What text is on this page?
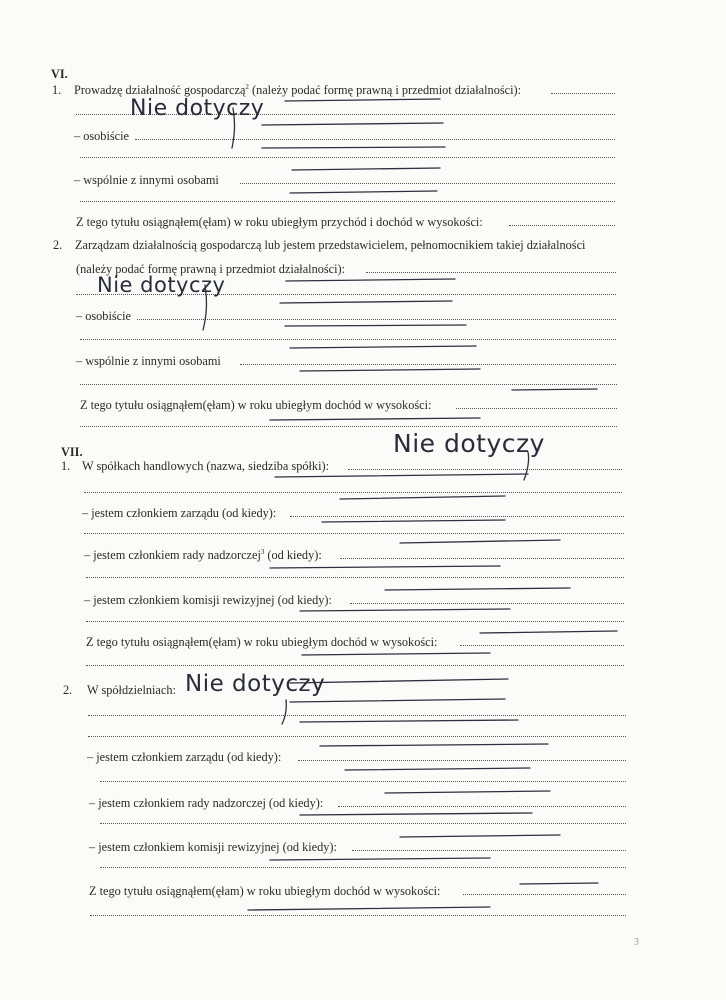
VI.
1. Prowadzę działalność gospodarczą$^2$ (należy podać formę prawną i przedmiot działalności):
– osobiście
– wspólnie z innymi osobami
Z tego tytułu osiągnąłem(ęłam) w roku ubiegłym przychód i dochód w wysokości:
2. Zarządzam działalnością gospodarczą lub jestem przedstawicielem, pełnomocnikiem takiej działalności
(należy podać formę prawną i przedmiot działalności):
– osobiście
– wspólnie z innymi osobami
Z tego tytułu osiągnąłem(ęłam) w roku ubiegłym dochód w wysokości:
VII.
1. W spółkach handlowych (nazwa, siedziba spółki):
– jestem członkiem zarządu (od kiedy):
– jestem członkiem rady nadzorczej$^3$ (od kiedy):
– jestem członkiem komisji rewizyjnej (od kiedy):
Z tego tytułu osiągnąłem(ęłam) w roku ubiegłym dochód w wysokości:
2. W spółdzielniach:
– jestem członkiem zarządu (od kiedy):
– jestem członkiem rady nadzorczej (od kiedy):
– jestem członkiem komisji rewizyjnej (od kiedy):
Z tego tytułu osiągnąłem(ęłam) w roku ubiegłym dochód w wysokości:
3
Nie dotyczy
Nie dotyczy
Nie dotyczy
Nie dotyczy
